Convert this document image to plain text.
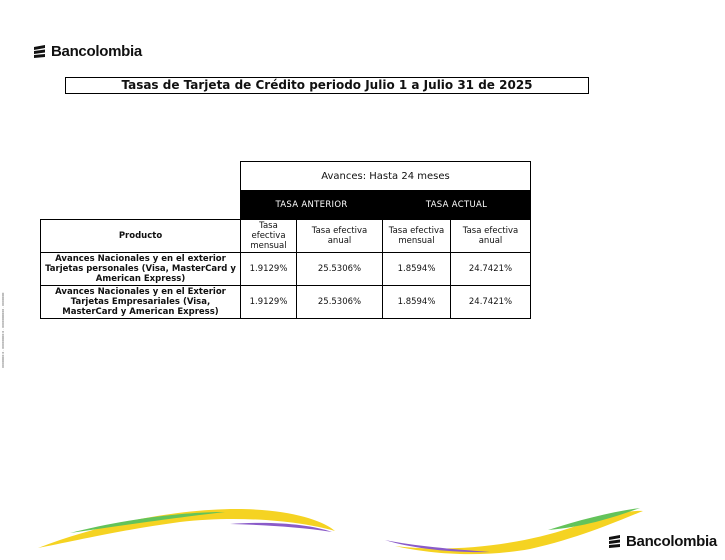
Bancolombia
Tasas de Tarjeta de Crédito periodo Julio 1 a Julio 31 de 2025
0000000 0 · 00000000 0 · 0000000000 · 0000000
	Avances: Hasta 24 meses			
	TASA ANTERIOR		TASA ACTUAL	
Producto	Tasa efectiva mensual	Tasa efectiva anual	Tasa efectiva mensual	Tasa efectiva anual
Avances Nacionales y en el exterior Tarjetas personales (Visa, MasterCard y American Express)	1.9129%	25.5306%	1.8594%	24.7421%
Avances Nacionales y en el Exterior Tarjetas Empresariales (Visa, MasterCard y American Express)	1.9129%	25.5306%	1.8594%	24.7421%
Bancolombia
